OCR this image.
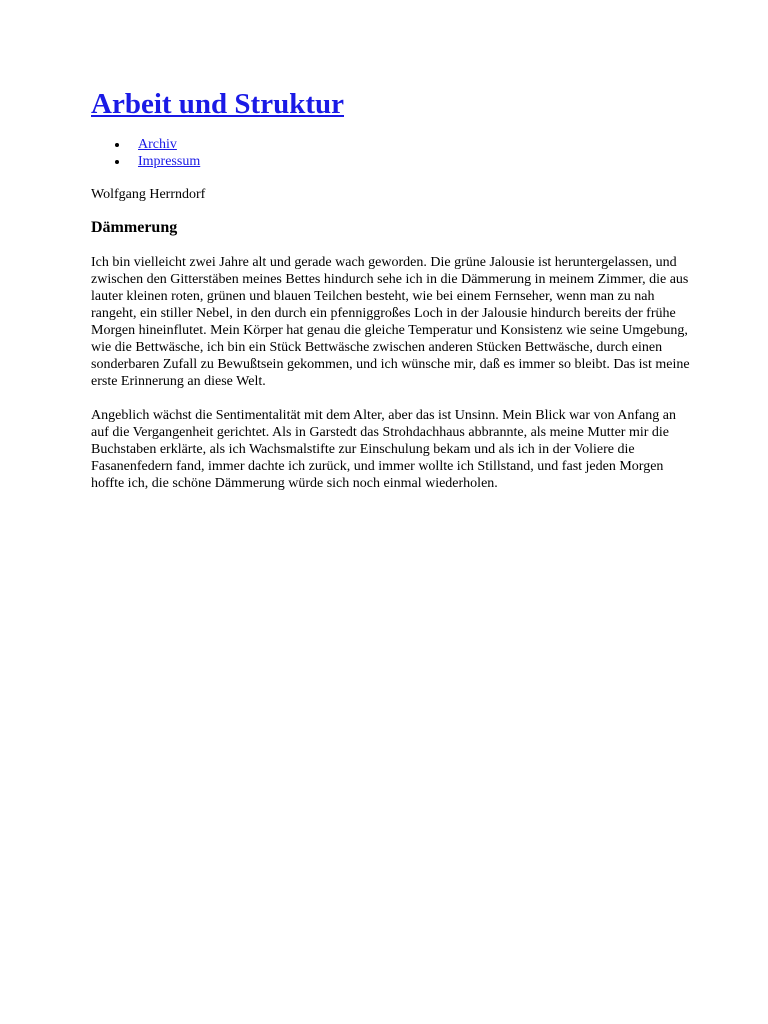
Arbeit und Struktur
Archiv
Impressum

Wolfgang Herrndorf

Dämmerung

Ich bin vielleicht zwei Jahre alt und gerade wach geworden. Die grüne Jalousie ist heruntergelassen, und zwischen den Gitterstäben meines Bettes hindurch sehe ich in die Dämmerung in meinem Zimmer, die aus lauter kleinen roten, grünen und blauen Teilchen besteht, wie bei einem Fernseher, wenn man zu nah rangeht, ein stiller Nebel, in den durch ein pfenniggroßes Loch in der Jalousie hindurch bereits der frühe Morgen hineinflutet. Mein Körper hat genau die gleiche Temperatur und Konsistenz wie seine Umgebung, wie die Bettwäsche, ich bin ein Stück Bettwäsche zwischen anderen Stücken Bettwäsche, durch einen sonderbaren Zufall zu Bewußtsein gekommen, und ich wünsche mir, daß es immer so bleibt. Das ist meine erste Erinnerung an diese Welt.

Angeblich wächst die Sentimentalität mit dem Alter, aber das ist Unsinn. Mein Blick war von Anfang an auf die Vergangenheit gerichtet. Als in Garstedt das Strohdachhaus abbrannte, als meine Mutter mir die Buchstaben erklärte, als ich Wachsmalstifte zur Einschulung bekam und als ich in der Voliere die Fasanenfedern fand, immer dachte ich zurück, und immer wollte ich Stillstand, und fast jeden Morgen hoffte ich, die schöne Dämmerung würde sich noch einmal wiederholen.
